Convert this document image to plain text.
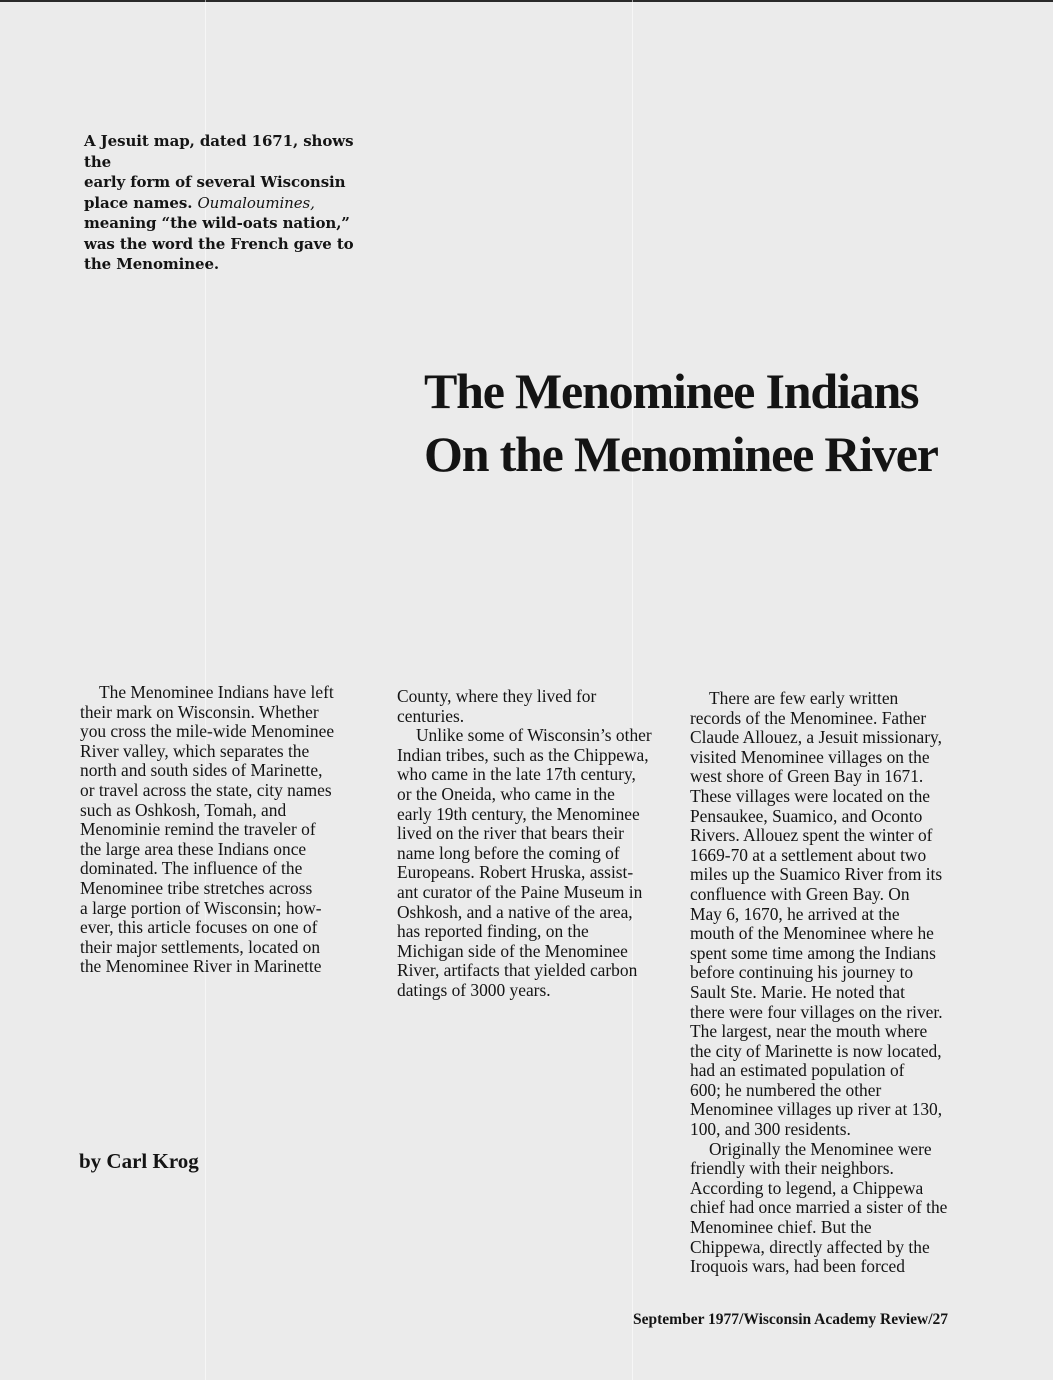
A Jesuit map, dated 1671, shows the
early form of several Wisconsin
place names. Oumaloumines,
meaning “the wild-oats nation,”
was the word the French gave to
the Menominee.
The Menominee Indians
On the Menominee River
The Menominee Indians have left
their mark on Wisconsin. Whether
you cross the mile-wide Menominee
River valley, which separates the
north and south sides of Marinette,
or travel across the state, city names
such as Oshkosh, Tomah, and
Menominie remind the traveler of
the large area these Indians once
dominated. The influence of the
Menominee tribe stretches across
a large portion of Wisconsin; how-
ever, this article focuses on one of
their major settlements, located on
the Menominee River in Marinette
County, where they lived for
centuries.
Unlike some of Wisconsin’s other
Indian tribes, such as the Chippewa,
who came in the late 17th century,
or the Oneida, who came in the
early 19th century, the Menominee
lived on the river that bears their
name long before the coming of
Europeans. Robert Hruska, assist-
ant curator of the Paine Museum in
Oshkosh, and a native of the area,
has reported finding, on the
Michigan side of the Menominee
River, artifacts that yielded carbon
datings of 3000 years.
There are few early written
records of the Menominee. Father
Claude Allouez, a Jesuit missionary,
visited Menominee villages on the
west shore of Green Bay in 1671.
These villages were located on the
Pensaukee, Suamico, and Oconto
Rivers. Allouez spent the winter of
1669-70 at a settlement about two
miles up the Suamico River from its
confluence with Green Bay. On
May 6, 1670, he arrived at the
mouth of the Menominee where he
spent some time among the Indians
before continuing his journey to
Sault Ste. Marie. He noted that
there were four villages on the river.
The largest, near the mouth where
the city of Marinette is now located,
had an estimated population of
600; he numbered the other
Menominee villages up river at 130,
100, and 300 residents.
Originally the Menominee were
friendly with their neighbors.
According to legend, a Chippewa
chief had once married a sister of the
Menominee chief. But the
Chippewa, directly affected by the
Iroquois wars, had been forced
by Carl Krog
September 1977/Wisconsin Academy Review/27
